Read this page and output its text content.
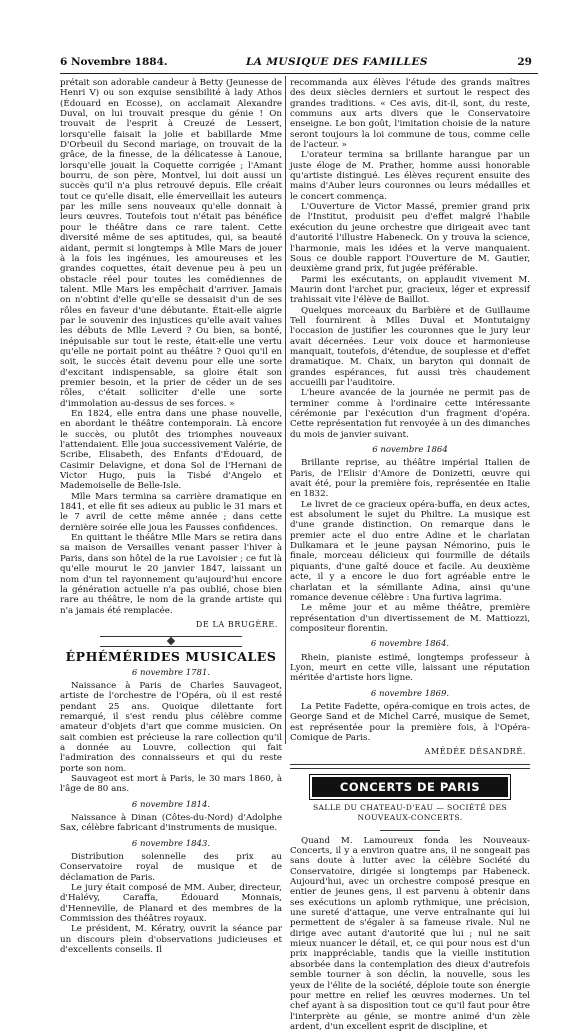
6 Novembre 1884.	LA MUSIQUE DES FAMILLES	29

prétait son adorable candeur à Betty (Jeunesse de Henri V) ou son exquise sensibilité à lady Athos (Édouard en Ecosse), on acclamait Alexandre Duval, on lui trouvait presque du génie ! On trouvait de l'esprit à Creuzé de Lessert, lorsqu'elle faisait la jolie et babillarde Mme D'Orbeuil du Second mariage, on trouvait de la grâce, de la finesse, de la délicatesse à Lanoue, lorsqu'elle jouait la Coquette corrigée ; l'Amant bourru, de son père, Montvel, lui doit aussi un succès qu'il n'a plus retrouvé depuis. Elle créait tout ce qu'elle disait, elle émerveillait les auteurs par les mille sens nouveaux qu'elle donnait à leurs œuvres. Toutefois tout n'était pas bénéfice pour le théâtre dans ce rare talent. Cette diversité même de ses aptitudes, qui, sa beauté aidant, permit si longtemps à Mlle Mars de jouer à la fois les ingénues, les amoureuses et les grandes coquettes, était devenue peu à peu un obstacle réel pour toutes les comédiennes de talent. Mlle Mars les empêchait d'arriver. Jamais on n'obtint d'elle qu'elle se dessaisit d'un de ses rôles en faveur d'une débutante. Était-elle aigrie par le souvenir des injustices qu'elle avait values les débuts de Mlle Leverd ? Ou bien, sa bonté, inépuisable sur tout le reste, était-elle une vertu qu'elle ne portait point au théâtre ? Quoi qu'il en soit, le succès était devenu pour elle une sorte d'excitant indispensable, sa gloire était son premier besoin, et la prier de céder un de ses rôles, c'était solliciter d'elle une sorte d'immolation au-dessus de ses forces. »

En 1824, elle entra dans une phase nouvelle, en abordant le théâtre contemporain. Là encore le succès, ou plutôt des triomphes nouveaux l'attendaient. Elle joua successivement Valérie, de Scribe, Elisabeth, des Enfants d'Édouard, de Casimir Delavigne, et dona Sol de l'Hernani de Victor Hugo, puis la Tisbé d'Angelo et Mademoiselle de Belle-Isle.

Mlle Mars termina sa carrière dramatique en 1841, et elle fit ses adieux au public le 31 mars et le 7 avril de cette même année ; dans cette dernière soirée elle joua les Fausses confidences.

En quittant le théâtre Mlle Mars se retira dans sa maison de Versailles venant passer l'hiver à Paris, dans son hôtel de la rue Lavoisier ; ce fut là qu'elle mourut le 20 janvier 1847, laissant un nom d'un tel rayonnement qu'aujourd'hui encore la génération actuelle n'a pas oublié, chose bien rare au théâtre, le nom de la grande artiste qui n'a jamais été remplacée.

DE LA BRUGÈRE.

ÉPHÉMÉRIDES MUSICALES

6 novembre 1781.

Naissance à Paris de Charles Sauvageot, artiste de l'orchestre de l'Opéra, où il est resté pendant 25 ans. Quoique dilettante fort remarqué, il s'est rendu plus célèbre comme amateur d'objets d'art que comme musicien. On sait combien est précieuse la rare collection qu'il a donnée au Louvre, collection qui fait l'admiration des connaisseurs et qui du reste porte son nom.

Sauvageot est mort à Paris, le 30 mars 1860, à l'âge de 80 ans.

6 novembre 1814.

Naissance à Dinan (Côtes-du-Nord) d'Adolphe Sax, célèbre fabricant d'instruments de musique.

6 novembre 1843.

Distribution solennelle des prix au Conservatoire royal de musique et de déclamation de Paris.

Le jury était composé de MM. Auber, directeur, d'Halévy, Caraffa, Édouard Monnais, d'Henneville, de Planard et des membres de la Commission des théâtres royaux.

Le président, M. Kératry, ouvrit la séance par un discours plein d'observations judicieuses et d'excellents conseils. Il

recommanda aux élèves l'étude des grands maîtres des deux siècles derniers et surtout le respect des grandes traditions. « Ces avis, dit-il, sont, du reste, communs aux arts divers que le Conservatoire enseigne. Le bon goût, l'imitation choisie de la nature seront toujours la loi commune de tous, comme celle de l'acteur. »

L'orateur termina sa brillante harangue par un juste éloge de M. Prather, homme aussi honorable qu'artiste distingué. Les élèves reçurent ensuite des mains d'Auber leurs couronnes ou leurs médailles et le concert commença.

L'Ouverture de Victor Massé, premier grand prix de l'Institut, produisit peu d'effet malgré l'habile exécution du jeune orchestre que dirigeait avec tant d'autorité l'illustre Habeneck. On y trouva la science, l'harmonie, mais les idées et la verve manquaient. Sous ce double rapport l'Ouverture de M. Gautier, deuxième grand prix, fut jugée préférable.

Parmi les exécutants, on applaudit vivement M. Maurin dont l'archet pur, gracieux, léger et expressif trahissait vite l'élève de Baillot.

Quelques morceaux du Barbière et de Guillaume Tell fournirent à Mlles Duval et Montutaigny l'occasion de justifier les couronnes que le jury leur avait décernées. Leur voix douce et harmonieuse manquait, toutefois, d'étendue, de souplesse et d'effet dramatique. M. Chaix, un baryton qui donnait de grandes espérances, fut aussi très chaudement accueilli par l'auditoire.

L'heure avancée de la journée ne permit pas de terminer comme à l'ordinaire cette intéressante cérémonie par l'exécution d'un fragment d'opéra. Cette représentation fut renvoyée à un des dimanches du mois de janvier suivant.

6 novembre 1864

Brillante reprise, au théâtre impérial Italien de Paris, de l'Elisir d'Amore de Donizetti, œuvre qui avait été, pour la première fois, représentée en Italie en 1832.

Le livret de ce gracieux opéra-buffa, en deux actes, est absolument le sujet du Philtre. La musique est d'une grande distinction. On remarque dans le premier acte el duo entre Adine et le charlatan Dulkamara et le jeune paysan Némorino, puis le finale, morceau délicieux qui fourmille de détails piquants, d'une gaîté douce et facile. Au deuxième acte, il y a encore le duo fort agréable entre le charlatan et la sémillante Adina, ainsi qu'une romance devenue célèbre : Una furtiva lagrima.

Le même jour et au même théâtre, première représentation d'un divertissement de M. Mattiozzi, compositeur florentin.

6 novembre 1864.

Rhein, pianiste estimé, longtemps professeur à Lyon, meurt en cette ville, laissant une réputation méritée d'artiste hors ligne.

6 novembre 1869.

La Petite Fadette, opéra-comique en trois actes, de George Sand et de Michel Carré, musique de Semet, est représentée pour la première fois, à l'Opéra-Comique de Paris.

AMÉDÉE DÉSANDRÉ.

CONCERTS DE PARIS

SALLE DU CHATEAU-D'EAU — SOCIÉTÉ DES NOUVEAUX-CONCERTS.

Quand M. Lamoureux fonda les Nouveaux-Concerts, il y a environ quatre ans, il ne songeait pas sans doute à lutter avec la célèbre Société du Conservatoire, dirigée si longtemps par Habeneck. Aujourd'hui, avec un orchestre composé presque en entier de jeunes gens, il est parvenu à obtenir dans ses exécutions un aplomb rythmique, une précision, une sureté d'attaque, une verve entraînante qui lui permettent de s'égaler à sa fameuse rivale. Nul ne dirige avec autant d'autorité que lui ; nul ne sait mieux nuancer le détail, et, ce qui pour nous est d'un prix inappréciable, tandis que la vieille institution absorbée dans la contemplation des dieux d'autrefois semble tourner à son déclin, la nouvelle, sous les yeux de l'élite de la société, déploie toute son énergie pour mettre en relief les œuvres modernes. Un tel chef ayant à sa disposition tout ce qu'il faut pour être l'interprète au génie, se montre animé d'un zèle ardent, d'un excellent esprit de discipline, et
